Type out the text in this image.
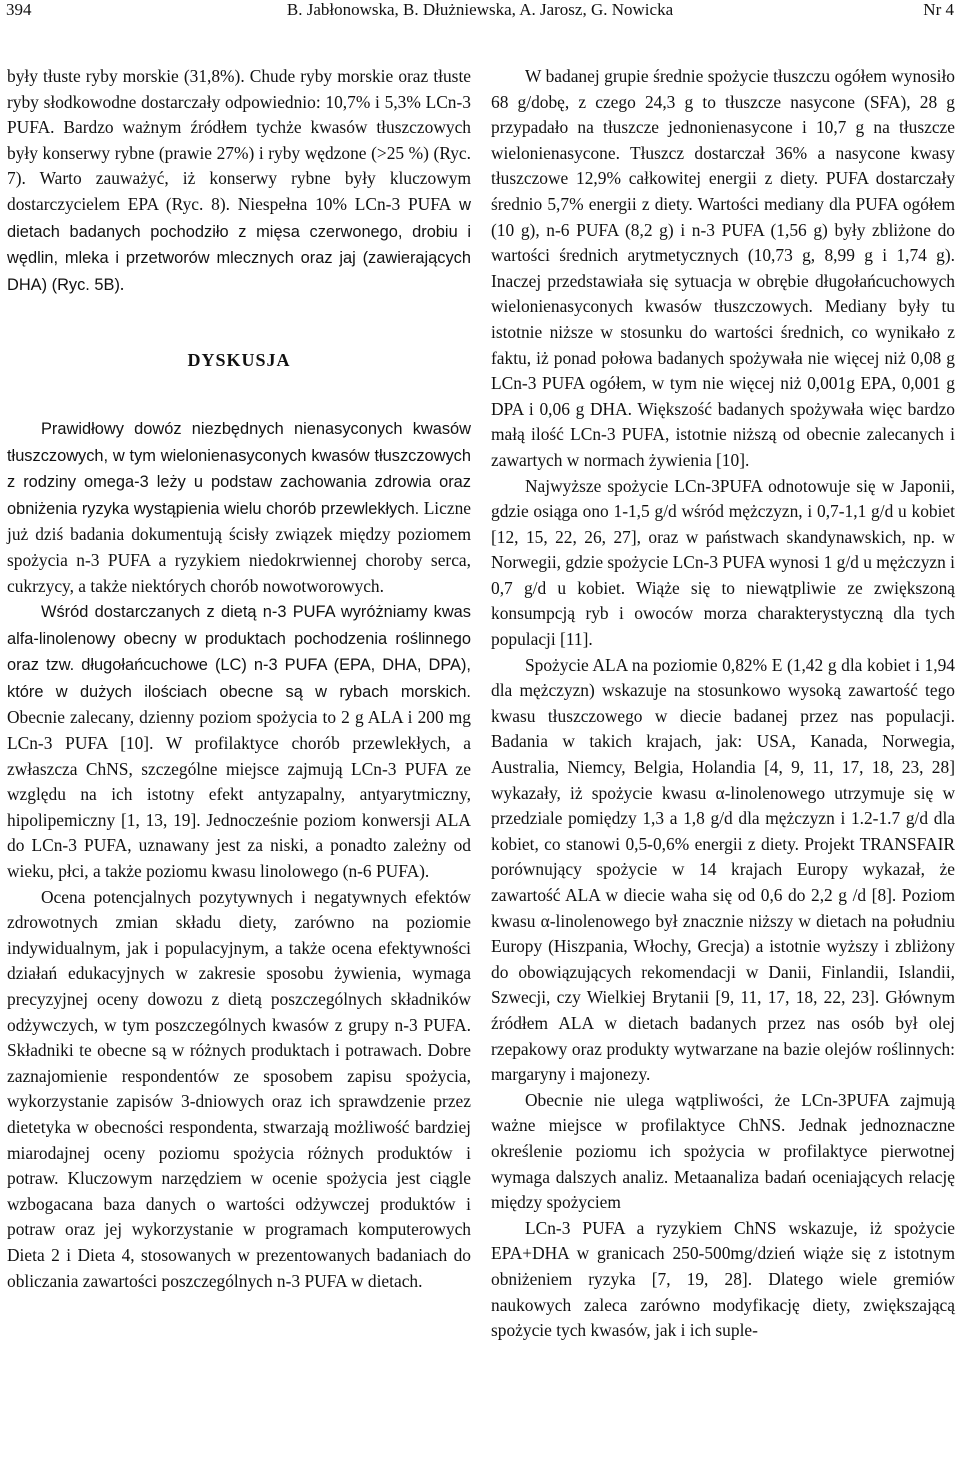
394	B. Jabłonowska, B. Dłużniewska, A. Jarosz, G. Nowicka	Nr 4

były tłuste ryby morskie (31,8%). Chude ryby morskie oraz tłuste ryby słodkowodne dostarczały odpowiednio: 10,7% i 5,3% LCn-3 PUFA. Bardzo ważnym źródłem tychże kwasów tłuszczowych były konserwy rybne (prawie 27%) i ryby wędzone (>25 %) (Ryc. 7). Warto zauważyć, iż konserwy rybne były kluczowym dostarczycielem EPA (Ryc. 8). Niespełna 10% LCn-3 PUFA w dietach badanych pochodziło z mięsa czerwonego, drobiu i wędlin, mleka i przetworów mlecznych oraz jaj (zawierających DHA) (Ryc. 5B).

DYSKUSJA

Prawidłowy dowóz niezbędnych nienasyconych kwasów tłuszczowych, w tym wielonienasyconych kwasów tłuszczowych z rodziny omega-3 leży u podstaw zachowania zdrowia oraz obniżenia ryzyka wystąpienia wielu chorób przewlekłych. Liczne już dziś badania dokumentują ścisły związek między poziomem spożycia n-3 PUFA a ryzykiem niedokrwiennej choroby serca, cukrzycy, a także niektórych chorób nowotworowych.

Wśród dostarczanych z dietą n-3 PUFA wyróżniamy kwas alfa-linolenowy obecny w produktach pochodzenia roślinnego oraz tzw. długołańcuchowe (LC) n-3 PUFA (EPA, DHA, DPA), które w dużych ilościach obecne są w rybach morskich. Obecnie zalecany, dzienny poziom spożycia to 2 g ALA i 200 mg LCn-3 PUFA [10]. W profilaktyce chorób przewlekłych, a zwłaszcza ChNS, szczególne miejsce zajmują LCn-3 PUFA ze względu na ich istotny efekt antyzapalny, antyarytmiczny, hipolipemiczny [1, 13, 19]. Jednocześnie poziom konwersji ALA do LCn-3 PUFA, uznawany jest za niski, a ponadto zależny od wieku, płci, a także poziomu kwasu linolowego (n-6 PUFA).

Ocena potencjalnych pozytywnych i negatywnych efektów zdrowotnych zmian składu diety, zarówno na poziomie indywidualnym, jak i populacyjnym, a także ocena efektywności działań edukacyjnych w zakresie sposobu żywienia, wymaga precyzyjnej oceny dowozu z dietą poszczególnych składników odżywczych, w tym poszczególnych kwasów z grupy n-3 PUFA. Składniki te obecne są w różnych produktach i potrawach. Dobre zaznajomienie respondentów ze sposobem zapisu spożycia, wykorzystanie zapisów 3-dniowych oraz ich sprawdzenie przez dietetyka w obecności respondenta, stwarzają możliwość bardziej miarodajnej oceny poziomu spożycia różnych produktów i potraw. Kluczowym narzędziem w ocenie spożycia jest ciągle wzbogacana baza danych o wartości odżywczej produktów i potraw oraz jej wykorzystanie w programach komputerowych Dieta 2 i Dieta 4, stosowanych w prezentowanych badaniach do obliczania zawartości poszczególnych n-3 PUFA w dietach.

W badanej grupie średnie spożycie tłuszczu ogółem wynosiło 68 g/dobę, z czego 24,3 g to tłuszcze nasycone (SFA), 28 g przypadało na tłuszcze jednonienasycone i 10,7 g na tłuszcze wielonienasycone. Tłuszcz dostarczał 36% a nasycone kwasy tłuszczowe 12,9% całkowitej energii z diety. PUFA dostarczały średnio 5,7% energii z diety. Wartości mediany dla PUFA ogółem (10 g), n-6 PUFA (8,2 g) i n-3 PUFA (1,56 g) były zbliżone do wartości średnich arytmetycznych (10,73 g, 8,99 g i 1,74 g). Inaczej przedstawiała się sytuacja w obrębie długołańcuchowych wielonienasyconych kwasów tłuszczowych. Mediany były tu istotnie niższe w stosunku do wartości średnich, co wynikało z faktu, iż ponad połowa badanych spożywała nie więcej niż 0,08 g LCn-3 PUFA ogółem, w tym nie więcej niż 0,001g EPA, 0,001 g DPA i 0,06 g DHA. Większość badanych spożywała więc bardzo małą ilość LCn-3 PUFA, istotnie niższą od obecnie zalecanych i zawartych w normach żywienia [10].

Najwyższe spożycie LCn-3PUFA odnotowuje się w Japonii, gdzie osiąga ono 1-1,5 g/d wśród mężczyzn, i 0,7-1,1 g/d u kobiet [12, 15, 22, 26, 27], oraz w państwach skandynawskich, np. w Norwegii, gdzie spożycie LCn-3 PUFA wynosi 1 g/d u mężczyzn i 0,7 g/d u kobiet. Wiąże się to niewątpliwie ze zwiększoną konsumpcją ryb i owoców morza charakterystyczną dla tych populacji [11].

Spożycie ALA na poziomie 0,82% E (1,42 g dla kobiet i 1,94 dla mężczyzn) wskazuje na stosunkowo wysoką zawartość tego kwasu tłuszczowego w diecie badanej przez nas populacji. Badania w takich krajach, jak: USA, Kanada, Norwegia, Australia, Niemcy, Belgia, Holandia [4, 9, 11, 17, 18, 23, 28] wykazały, iż spożycie kwasu α-linolenowego utrzymuje się w przedziale pomiędzy 1,3 a 1,8 g/d dla mężczyzn i 1.2-1.7 g/d dla kobiet, co stanowi 0,5-0,6% energii z diety. Projekt TRANSFAIR porównujący spożycie w 14 krajach Europy wykazał, że zawartość ALA w diecie waha się od 0,6 do 2,2 g /d [8]. Poziom kwasu α-linolenowego był znacznie niższy w dietach na południu Europy (Hiszpania, Włochy, Grecja) a istotnie wyższy i zbliżony do obowiązujących rekomendacji w Danii, Finlandii, Islandii, Szwecji, czy Wielkiej Brytanii [9, 11, 17, 18, 22, 23]. Głównym źródłem ALA w dietach badanych przez nas osób był olej rzepakowy oraz produkty wytwarzane na bazie olejów roślinnych: margaryny i majonezy.

Obecnie nie ulega wątpliwości, że LCn-3PUFA zajmują ważne miejsce w profilaktyce ChNS. Jednak jednoznaczne określenie poziomu ich spożycia w profilaktyce pierwotnej wymaga dalszych analiz. Metaanaliza badań oceniających relację między spożyciem

LCn-3 PUFA a ryzykiem ChNS wskazuje, iż spożycie EPA+DHA w granicach 250-500mg/dzień wiąże się z istotnym obniżeniem ryzyka [7, 19, 28]. Dlatego wiele gremiów naukowych zaleca zarówno modyfikację diety, zwiększającą spożycie tych kwasów, jak i ich suple-
